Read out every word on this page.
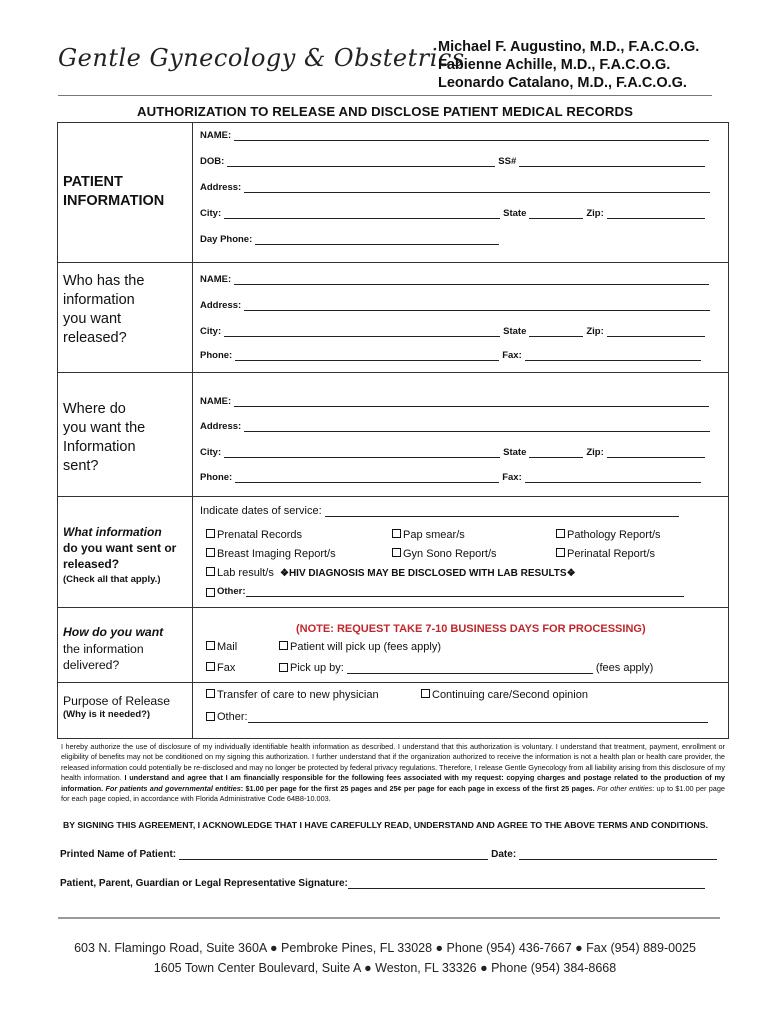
Gentle Gynecology & Obstetrics
Michael F. Augustino, M.D., F.A.C.O.G.
Fabienne Achille, M.D., F.A.C.O.G.
Leonardo Catalano, M.D., F.A.C.O.G.
AUTHORIZATION TO RELEASE AND DISCLOSE PATIENT MEDICAL RECORDS
PATIENT
INFORMATION
NAME:
DOB:	SS#
Address:
City:	State	Zip:
Day Phone:
Who has the
information
you want
released?
NAME:
Address:
City:	State	Zip:
Phone:	Fax:
Where do
you want the
Information
sent?
NAME:
Address:
City:	State	Zip:
Phone:	Fax:
What information
do you want sent or
released?
(Check all that apply.)
Indicate dates of service:
Prenatal Records	Pap smear/s	Pathology Report/s
Breast Imaging Report/s	Gyn Sono Report/s	Perinatal Report/s
Lab result/s ❖HIV DIAGNOSIS MAY BE DISCLOSED WITH LAB RESULTS❖
Other:
How do you want
the information
delivered?
(NOTE: REQUEST TAKE 7-10 BUSINESS DAYS FOR PROCESSING)
Mail	Patient will pick up (fees apply)
Fax	Pick up by:	(fees apply)
Purpose of Release
(Why is it needed?)
Transfer of care to new physician	Continuing care/Second opinion
Other:
I hereby authorize the use of disclosure of my individually identifiable health information as described. I understand that this authorization is voluntary. I understand that treatment, payment, enrollment or eligibility of benefits may not be conditioned on my signing this authorization. I further understand that if the organization authorized to receive the information is not a health plan or health care provider, the released information could potentially be re-disclosed and may no longer be protected by federal privacy regulations. Therefore, I release Gentle Gynecology from all liability arising from this disclosure of my health information. I understand and agree that I am financially responsible for the following fees associated with my request: copying charges and postage related to the production of my information. For patients and governmental entities: $1.00 per page for the first 25 pages and 25¢ per page for each page in excess of the first 25 pages. For other entities: up to $1.00 per page for each page copied, in accordance with Florida Administrative Code 64B8-10.003.
BY SIGNING THIS AGREEMENT, I ACKNOWLEDGE THAT I HAVE CAREFULLY READ, UNDERSTAND AND AGREE TO THE ABOVE TERMS AND CONDITIONS.
Printed Name of Patient:	Date:
Patient, Parent, Guardian or Legal Representative Signature:
603 N. Flamingo Road, Suite 360A ● Pembroke Pines, FL 33028 ● Phone (954) 436-7667 ● Fax (954) 889-0025
1605 Town Center Boulevard, Suite A ● Weston, FL 33326 ● Phone (954) 384-8668
